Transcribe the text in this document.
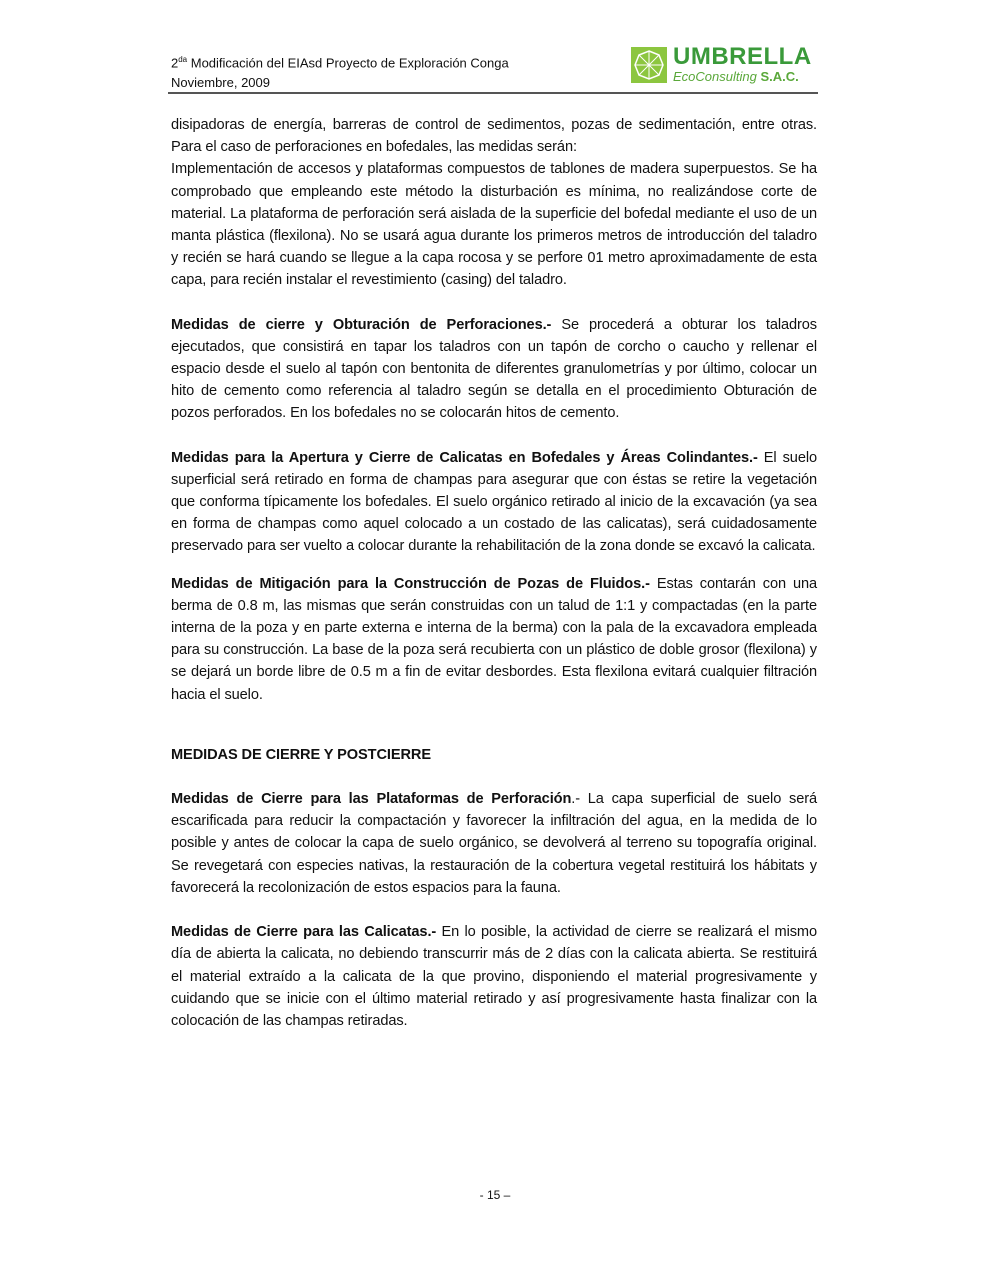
$2^{da}$ Modificación del EIAsd Proyecto de Exploración Conga
Noviembre, 2009
UMBRELLA
EcoConsulting S.A.C.

disipadoras de energía, barreras de control de sedimentos, pozas de sedimentación, entre otras. Para el caso de perforaciones en bofedales, las medidas serán:

Implementación de accesos y plataformas compuestos de tablones de madera superpuestos. Se ha comprobado que empleando este método la disturbación es mínima, no realizándose corte de material. La plataforma de perforación será aislada de la superficie del bofedal mediante el uso de un manta plástica (flexilona). No se usará agua durante los primeros metros de introducción del taladro y recién se hará cuando se llegue a la capa rocosa y se perfore 01 metro aproximadamente de esta capa, para recién instalar el revestimiento (casing) del taladro.

Medidas de cierre y Obturación de Perforaciones.- Se procederá a obturar los taladros ejecutados, que consistirá en tapar los taladros con un tapón de corcho o caucho y rellenar el espacio desde el suelo al tapón con bentonita de diferentes granulometrías y por último, colocar un hito de cemento como referencia al taladro según se detalla en el procedimiento Obturación de pozos perforados. En los bofedales no se colocarán hitos de cemento.

Medidas para la Apertura y Cierre de Calicatas en Bofedales y Áreas Colindantes.- El suelo superficial será retirado en forma de champas para asegurar que con éstas se retire la vegetación que conforma típicamente los bofedales. El suelo orgánico retirado al inicio de la excavación (ya sea en forma de champas como aquel colocado a un costado de las calicatas), será cuidadosamente preservado para ser vuelto a colocar durante la rehabilitación de la zona donde se excavó la calicata.

Medidas de Mitigación para la Construcción de Pozas de Fluidos.- Estas contarán con una berma de 0.8 m, las mismas que serán construidas con un talud de 1:1 y compactadas (en la parte interna de la poza y en parte externa e interna de la berma) con la pala de la excavadora empleada para su construcción. La base de la poza será recubierta con un plástico de doble grosor (flexilona) y se dejará un borde libre de 0.5 m a fin de evitar desbordes. Esta flexilona evitará cualquier filtración hacia el suelo.

MEDIDAS DE CIERRE Y POSTCIERRE

Medidas de Cierre para las Plataformas de Perforación.- La capa superficial de suelo será escarificada para reducir la compactación y favorecer la infiltración del agua, en la medida de lo posible y antes de colocar la capa de suelo orgánico, se devolverá al terreno su topografía original. Se revegetará con especies nativas, la restauración de la cobertura vegetal restituirá los hábitats y favorecerá la recolonización de estos espacios para la fauna.

Medidas de Cierre para las Calicatas.- En lo posible, la actividad de cierre se realizará el mismo día de abierta la calicata, no debiendo transcurrir más de 2 días con la calicata abierta. Se restituirá el material extraído a la calicata de la que provino, disponiendo el material progresivamente y cuidando que se inicie con el último material retirado y así progresivamente hasta finalizar con la colocación de las champas retiradas.

- 15 –
